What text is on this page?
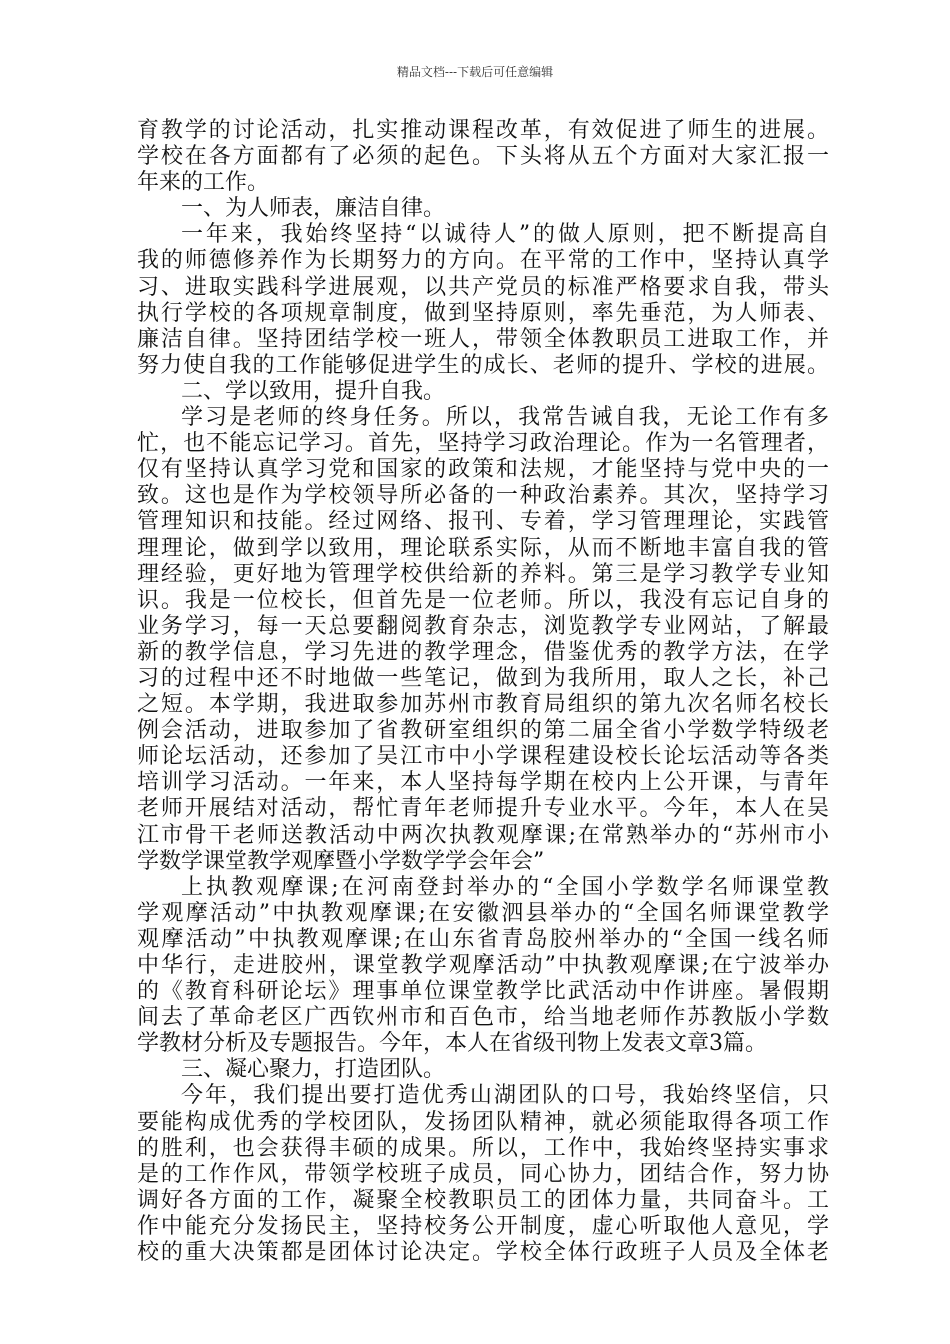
精品文档---下载后可任意编辑
育教学的讨论活动，扎实推动课程改革，有效促进了师生的进展。
学校在各方面都有了必须的起色。下头将从五个方面对大家汇报一
年来的工作。
一、为人师表，廉洁自律。
一年来，我始终坚持“以诚待人”的做人原则，把不断提高自
我的师德修养作为长期努力的方向。在平常的工作中，坚持认真学
习、进取实践科学进展观，以共产党员的标准严格要求自我，带头
执行学校的各项规章制度，做到坚持原则，率先垂范，为人师表、
廉洁自律。坚持团结学校一班人，带领全体教职员工进取工作，并
努力使自我的工作能够促进学生的成长、老师的提升、学校的进展。
二、学以致用，提升自我。
学习是老师的终身任务。所以，我常告诫自我，无论工作有多
忙，也不能忘记学习。首先，坚持学习政治理论。作为一名管理者，
仅有坚持认真学习党和国家的政策和法规，才能坚持与党中央的一
致。这也是作为学校领导所必备的一种政治素养。其次，坚持学习
管理知识和技能。经过网络、报刊、专着，学习管理理论，实践管
理理论，做到学以致用，理论联系实际，从而不断地丰富自我的管
理经验，更好地为管理学校供给新的养料。第三是学习教学专业知
识。我是一位校长，但首先是一位老师。所以，我没有忘记自身的
业务学习，每一天总要翻阅教育杂志，浏览教学专业网站，了解最
新的教学信息，学习先进的教学理念，借鉴优秀的教学方法，在学
习的过程中还不时地做一些笔记，做到为我所用，取人之长，补己
之短。本学期，我进取参加苏州市教育局组织的第九次名师名校长
例会活动，进取参加了省教研室组织的第二届全省小学数学特级老
师论坛活动，还参加了吴江市中小学课程建设校长论坛活动等各类
培训学习活动。一年来，本人坚持每学期在校内上公开课，与青年
老师开展结对活动，帮忙青年老师提升专业水平。今年，本人在吴
江市骨干老师送教活动中两次执教观摩课;在常熟举办的“苏州市小
学数学课堂教学观摩暨小学数学学会年会”
上执教观摩课;在河南登封举办的“全国小学数学名师课堂教
学观摩活动”中执教观摩课;在安徽泗县举办的“全国名师课堂教学
观摩活动”中执教观摩课;在山东省青岛胶州举办的“全国一线名师
中华行，走进胶州，课堂教学观摩活动”中执教观摩课;在宁波举办
的《教育科研论坛》理事单位课堂教学比武活动中作讲座。暑假期
间去了革命老区广西钦州市和百色市，给当地老师作苏教版小学数
学教材分析及专题报告。今年，本人在省级刊物上发表文章3篇。
三、凝心聚力，打造团队。
今年，我们提出要打造优秀山湖团队的口号，我始终坚信，只
要能构成优秀的学校团队，发扬团队精神，就必须能取得各项工作
的胜利，也会获得丰硕的成果。所以，工作中，我始终坚持实事求
是的工作作风，带领学校班子成员，同心协力，团结合作，努力协
调好各方面的工作，凝聚全校教职员工的团体力量，共同奋斗。工
作中能充分发扬民主，坚持校务公开制度，虚心听取他人意见，学
校的重大决策都是团体讨论决定。学校全体行政班子人员及全体老
